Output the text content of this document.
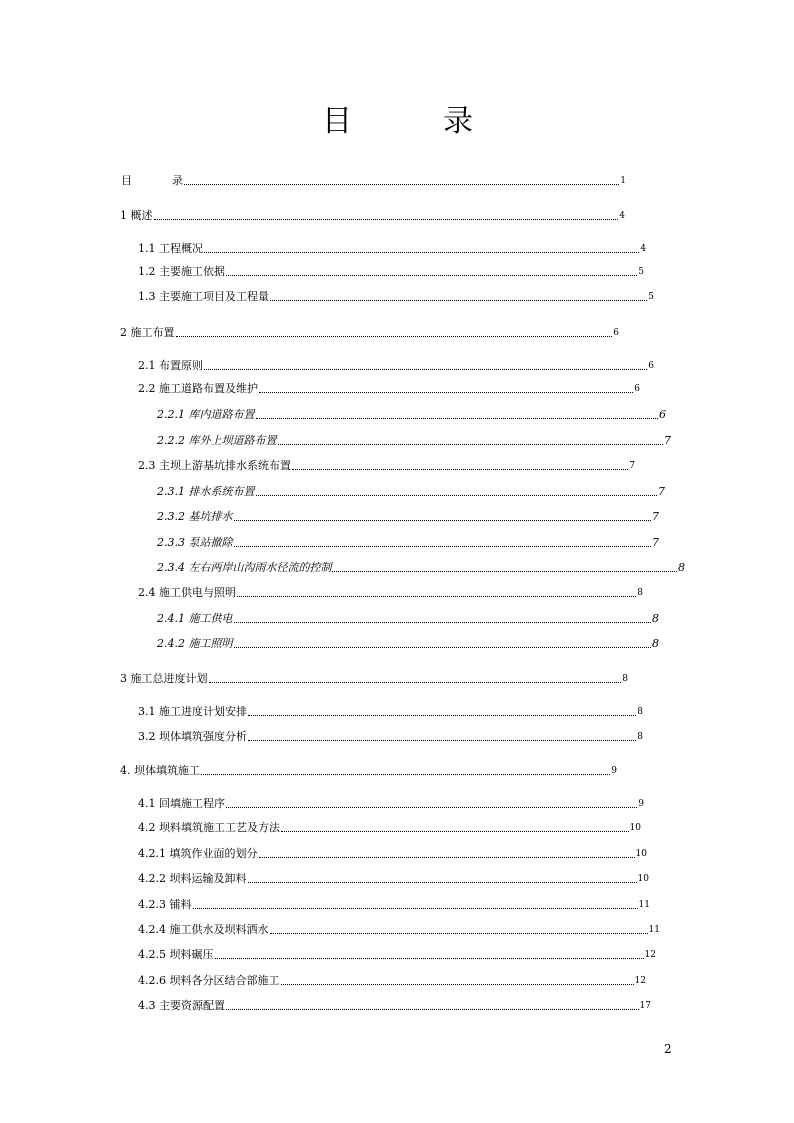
目	录
目	录	1
1 概述	4
1.1 工程概况	4
1.2 主要施工依据	5
1.3 主要施工项目及工程量	5
2 施工布置	6
2.1 布置原则	6
2.2 施工道路布置及维护	6
2.2.1 库内道路布置	6
2.2.2 库外上坝道路布置	7
2.3 主坝上游基坑排水系统布置	7
2.3.1 排水系统布置	7
2.3.2 基坑排水	7
2.3.3 泵站撤除	7
2.3.4 左右两岸山沟雨水径流的控制	8
2.4 施工供电与照明	8
2.4.1 施工供电	8
2.4.2 施工照明	8
3 施工总进度计划	8
3.1 施工进度计划安排	8
3.2 坝体填筑强度分析	8
4. 坝体填筑施工	9
4.1 回填施工程序	9
4.2 坝料填筑施工工艺及方法	10
4.2.1 填筑作业面的划分	10
4.2.2 坝料运输及卸料	10
4.2.3 铺料	11
4.2.4 施工供水及坝料洒水	11
4.2.5 坝料碾压	12
4.2.6 坝料各分区结合部施工	12
4.3 主要资源配置	17
2
